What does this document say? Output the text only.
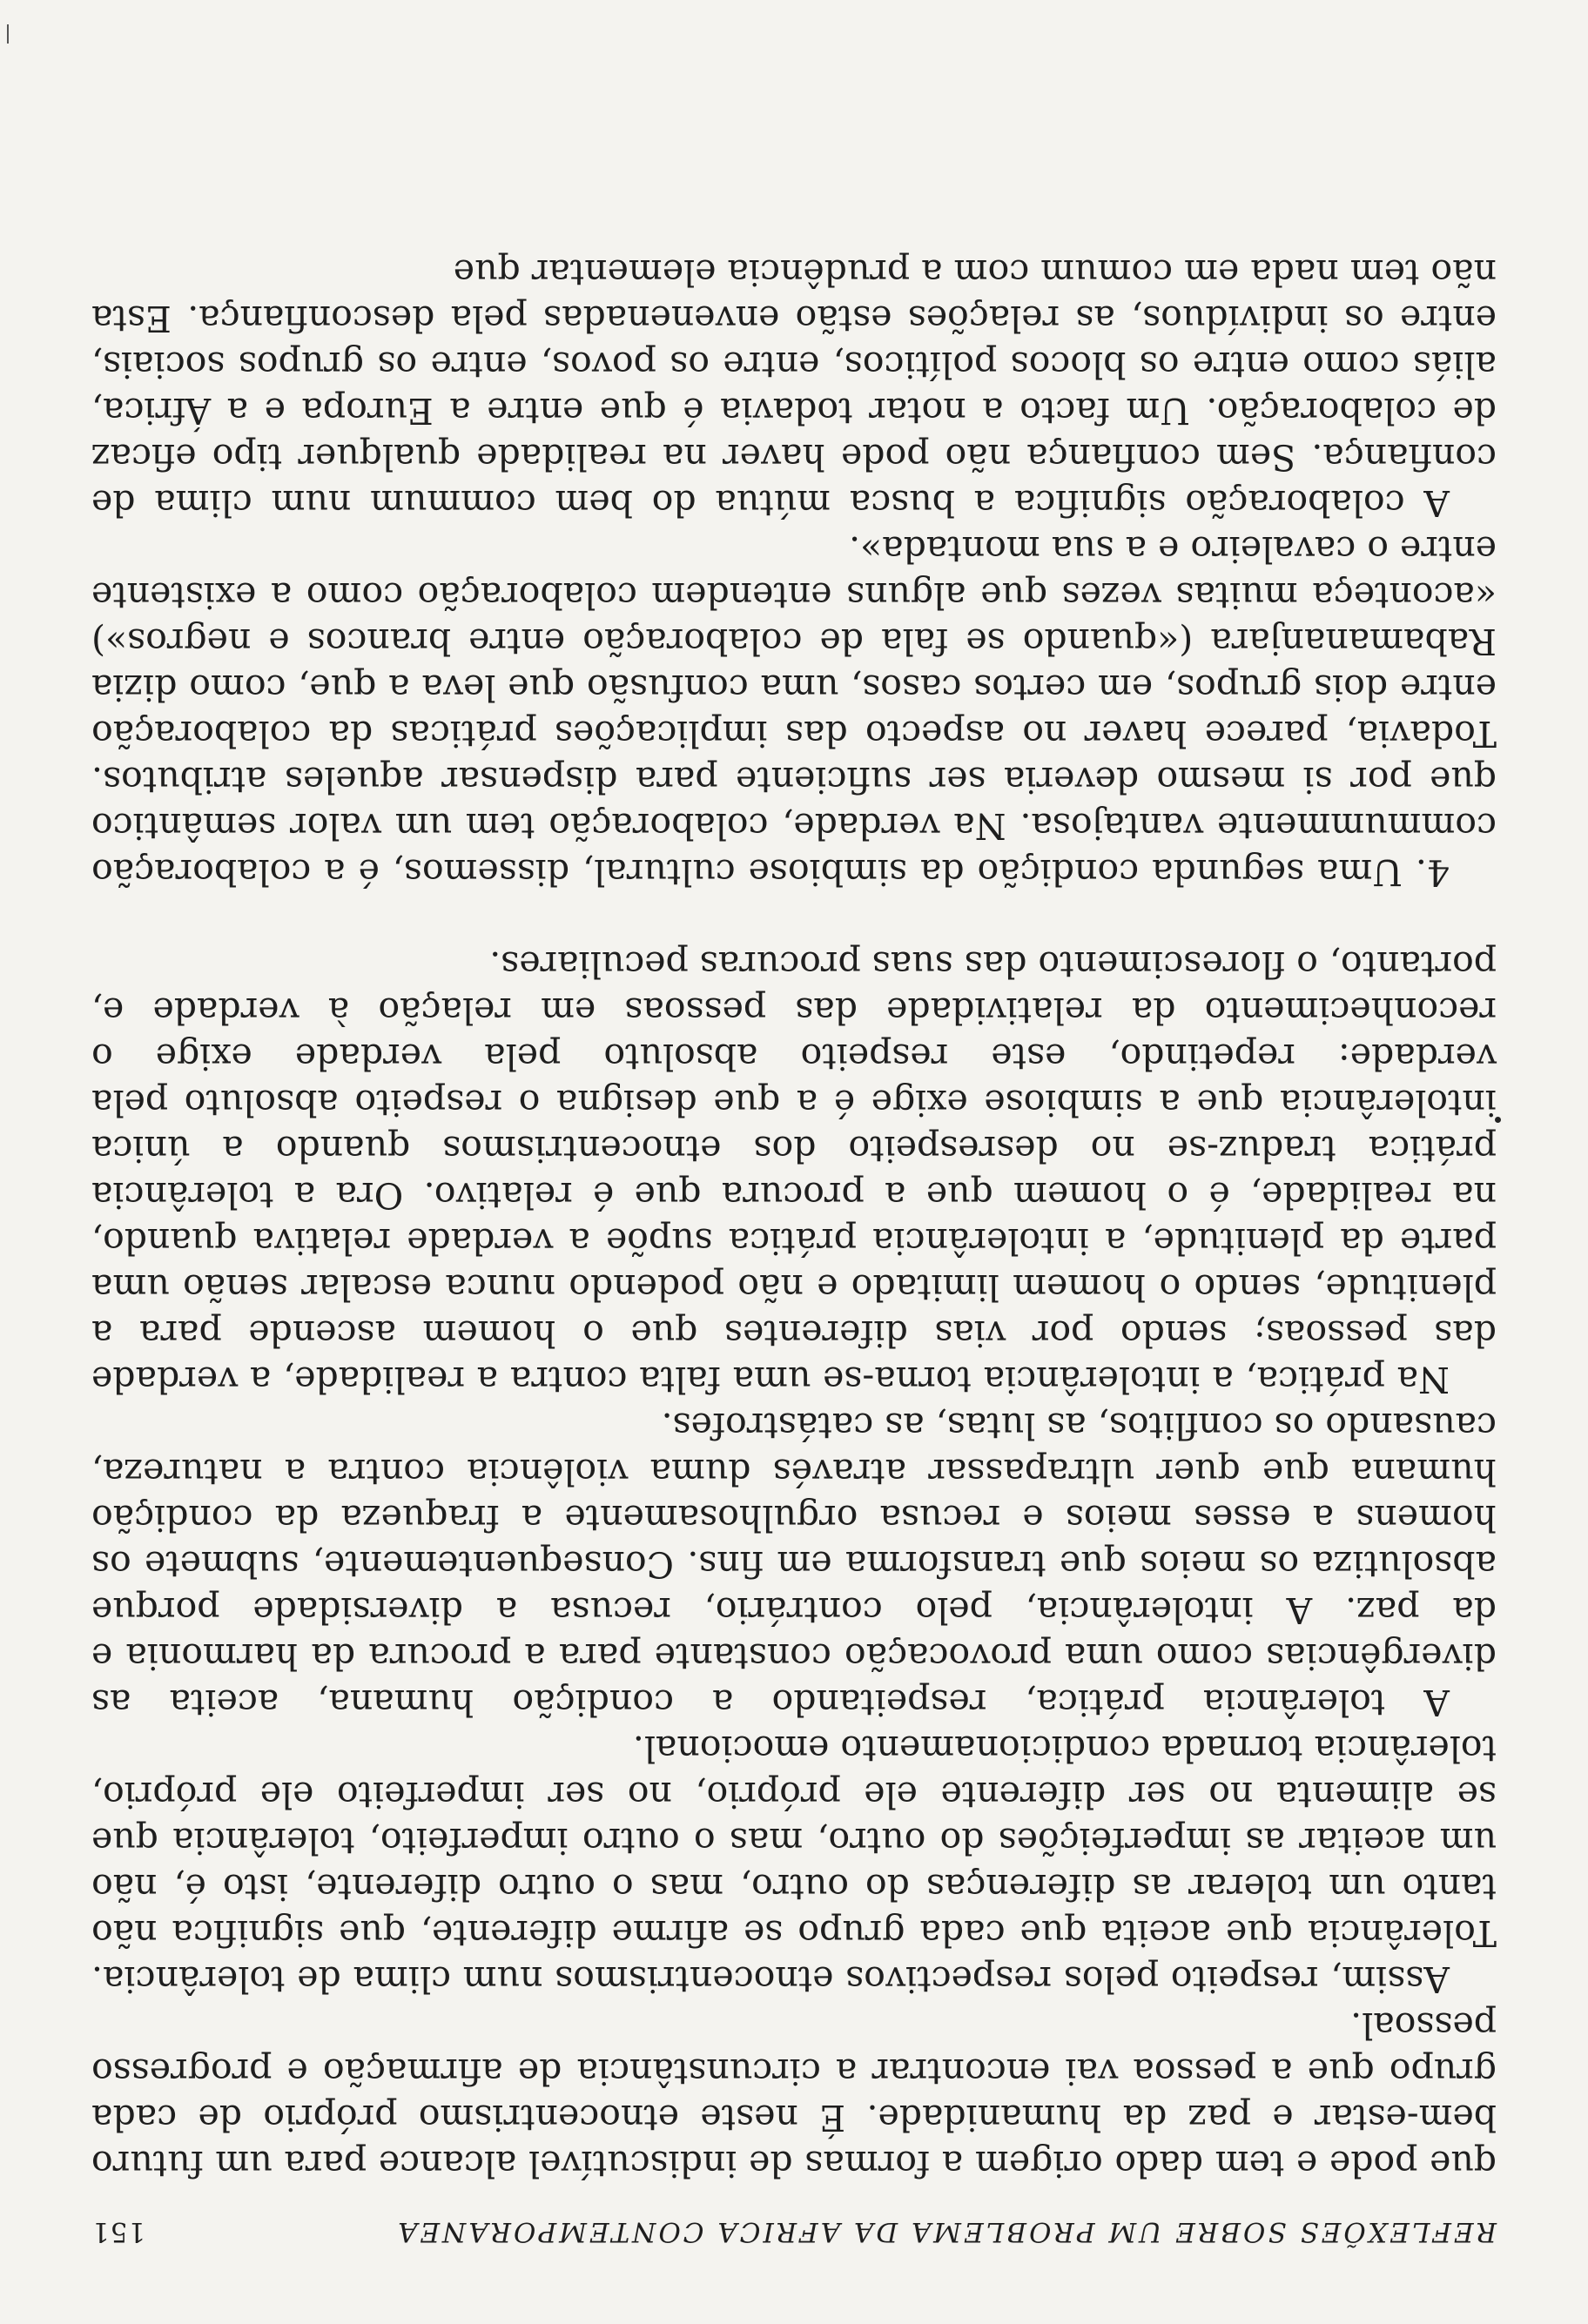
REFLEXÕES SOBRE UM PROBLEMA DA AFRICA CONTEMPORANEA
151

que pode e tem dado origem a formas de indiscutível alcance para um futuro bem-estar e paz da humanidade. É neste etnocentrismo próprio de cada grupo que a pessoa vai encontrar a circunstância de afirmação e progresso pessoal.

Assim, respeito pelos respectivos etnocentrismos num clima de tolerância. Tolerância que aceita que cada grupo se afirme diferente, que significa não tanto um tolerar as diferenças do outro, mas o outro diferente, isto é, não um aceitar as imperfeições do outro, mas o outro imperfeito, tolerância que se alimenta no ser diferente ele próprio, no ser imperfeito ele próprio, tolerância tornada condicionamento emocional.

A tolerância prática, respeitando a condição humana, aceita as divergências como uma provocação constante para a procura da harmonia e da paz. A intolerância, pelo contrário, recusa a diversidade porque absolutiza os meios que transforma em fins. Consequentemente, submete os homens a esses meios e recusa orgulhosamente a fraqueza da condição humana que quer ultrapassar através duma violência contra a natureza, causando os conflitos, as lutas, as catástrofes.

Na prática, a intolerância torna-se uma falta contra a realidade, a verdade das pessoas; sendo por vias diferentes que o homem ascende para a plenitude, sendo o homem limitado e não podendo nunca escalar senão uma parte da plenitude, a intolerância prática supõe a verdade relativa quando, na realidade, é o homem que a procura que é relativo. Ora a tolerância prática traduz-se no desrespeito dos etnocentrismos quando a única intolerância que a simbiose exige é a que designa o respeito absoluto pela verdade: repetindo, este respeito absoluto pela verdade exige o reconhecimento da relatividade das pessoas em relação à verdade e, portanto, o florescimento das suas procuras peculiares.

4. Uma segunda condição da simbiose cultural, dissemos, é a colaboração commummente vantajosa. Na verdade, colaboração tem um valor semântico que por si mesmo deveria ser suficiente para dispensar aqueles atributos. Todavia, parece haver no aspecto das implicações práticas da colaboração entre dois grupos, em certos casos, uma confusão que leva a que, como dizia Rabamananjara («quando se fala de colaboração entre brancos e negros») «aconteça muitas vezes que alguns entendem colaboração como a existente entre o cavaleiro e a sua montada».

A colaboração significa a busca mútua do bem commum num clima de confiança. Sem confiança não pode haver na realidade qualquer tipo eficaz de colaboração. Um facto a notar todavia é que entre a Europa e a África, aliás como entre os blocos políticos, entre os povos, entre os grupos sociais, entre os indivíduos, as relações estão envenenadas pela desconfiança. Esta não tem nada em comum com a prudência elementar que
